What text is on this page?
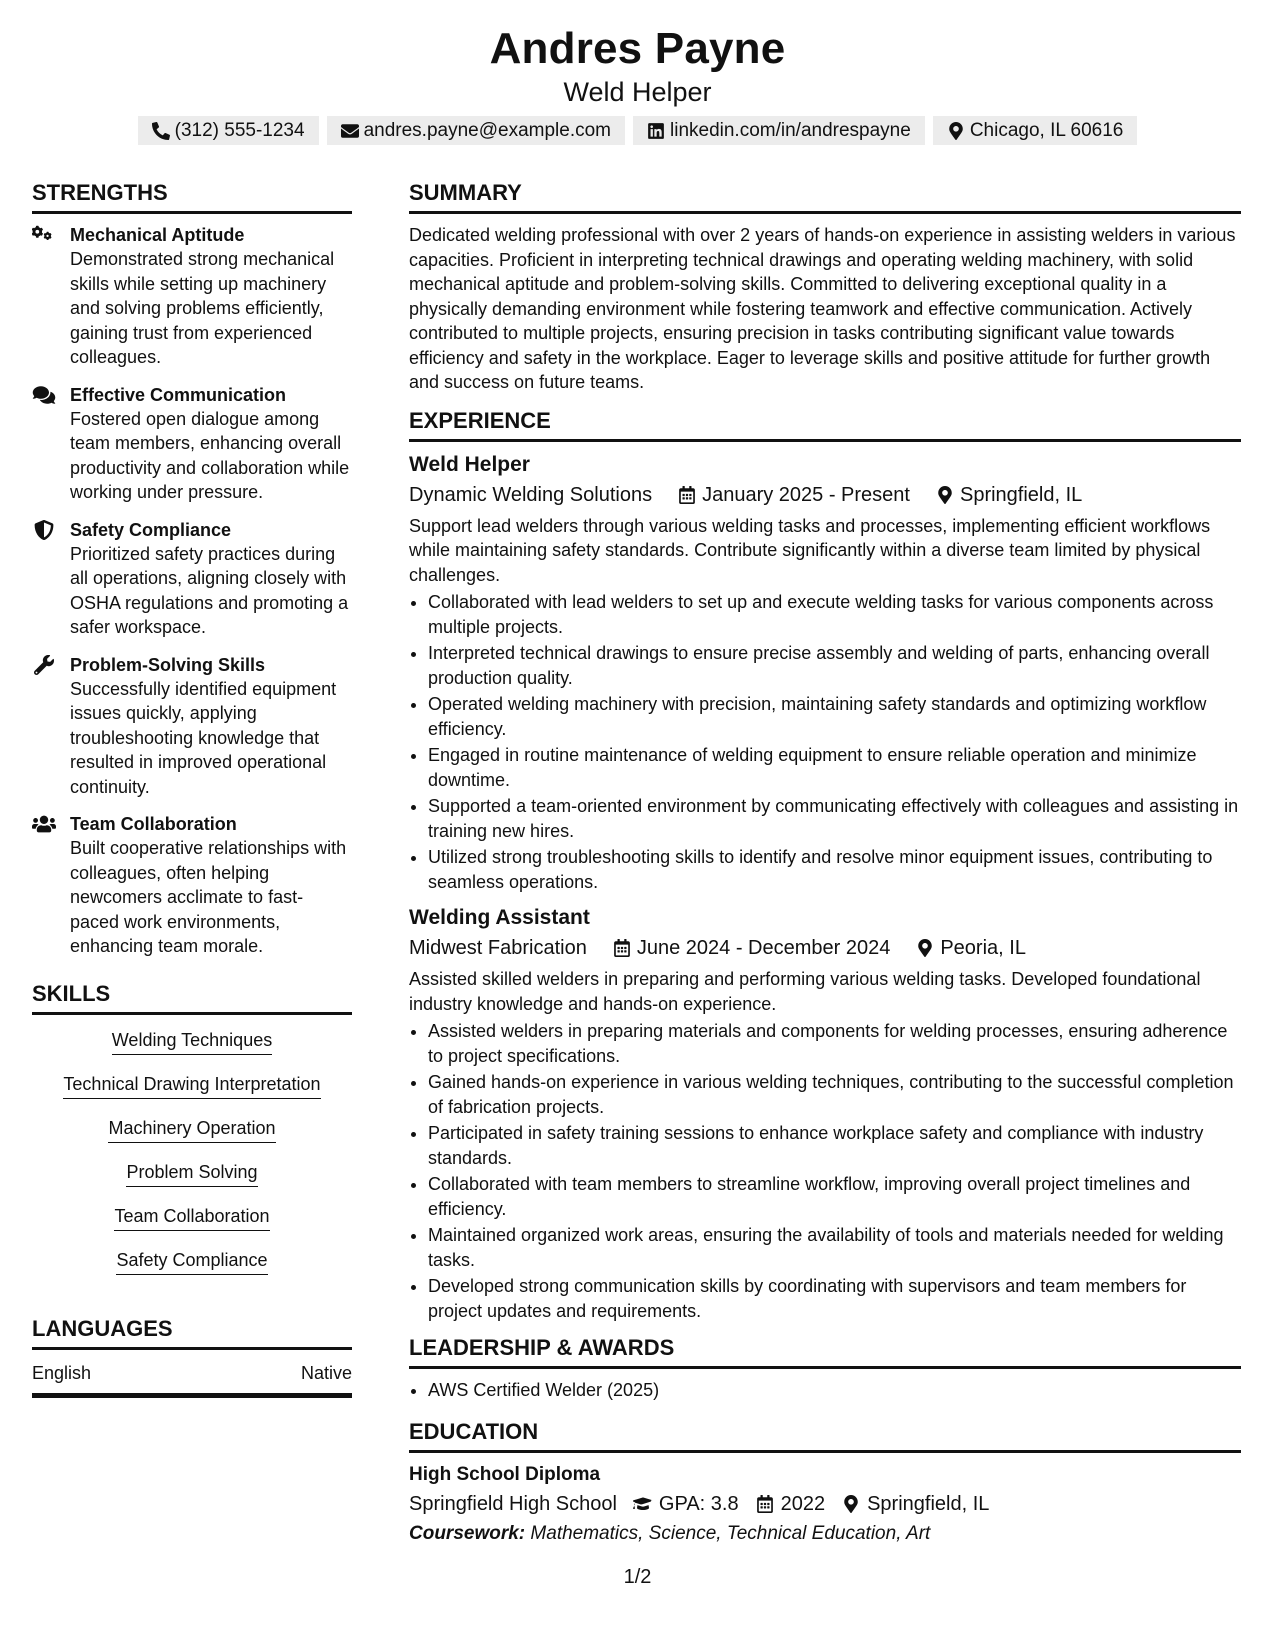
Andres Payne
Weld Helper
(312) 555-1234	andres.payne@example.com	linkedin.com/in/andrespayne	Chicago, IL 60616
STRENGTHS
Mechanical Aptitude
Demonstrated strong mechanical skills while setting up machinery and solving problems efficiently, gaining trust from experienced colleagues.
Effective Communication
Fostered open dialogue among team members, enhancing overall productivity and collaboration while working under pressure.
Safety Compliance
Prioritized safety practices during all operations, aligning closely with OSHA regulations and promoting a safer workspace.
Problem-Solving Skills
Successfully identified equipment issues quickly, applying troubleshooting knowledge that resulted in improved operational continuity.
Team Collaboration
Built cooperative relationships with colleagues, often helping newcomers acclimate to fast-paced work environments, enhancing team morale.
SKILLS
Welding Techniques
Technical Drawing Interpretation
Machinery Operation
Problem Solving
Team Collaboration
Safety Compliance
LANGUAGES
English	Native
SUMMARY
Dedicated welding professional with over 2 years of hands-on experience in assisting welders in various capacities. Proficient in interpreting technical drawings and operating welding machinery, with solid mechanical aptitude and problem-solving skills. Committed to delivering exceptional quality in a physically demanding environment while fostering teamwork and effective communication. Actively contributed to multiple projects, ensuring precision in tasks contributing significant value towards efficiency and safety in the workplace. Eager to leverage skills and positive attitude for further growth and success on future teams.
EXPERIENCE
Weld Helper
Dynamic Welding Solutions	January 2025 - Present	Springfield, IL
Support lead welders through various welding tasks and processes, implementing efficient workflows while maintaining safety standards. Contribute significantly within a diverse team limited by physical challenges.
• Collaborated with lead welders to set up and execute welding tasks for various components across multiple projects.
• Interpreted technical drawings to ensure precise assembly and welding of parts, enhancing overall production quality.
• Operated welding machinery with precision, maintaining safety standards and optimizing workflow efficiency.
• Engaged in routine maintenance of welding equipment to ensure reliable operation and minimize downtime.
• Supported a team-oriented environment by communicating effectively with colleagues and assisting in training new hires.
• Utilized strong troubleshooting skills to identify and resolve minor equipment issues, contributing to seamless operations.
Welding Assistant
Midwest Fabrication	June 2024 - December 2024	Peoria, IL
Assisted skilled welders in preparing and performing various welding tasks. Developed foundational industry knowledge and hands-on experience.
• Assisted welders in preparing materials and components for welding processes, ensuring adherence to project specifications.
• Gained hands-on experience in various welding techniques, contributing to the successful completion of fabrication projects.
• Participated in safety training sessions to enhance workplace safety and compliance with industry standards.
• Collaborated with team members to streamline workflow, improving overall project timelines and efficiency.
• Maintained organized work areas, ensuring the availability of tools and materials needed for welding tasks.
• Developed strong communication skills by coordinating with supervisors and team members for project updates and requirements.
LEADERSHIP & AWARDS
• AWS Certified Welder (2025)
EDUCATION
High School Diploma
Springfield High School GPA: 3.8 2022 Springfield, IL
Coursework: Mathematics, Science, Technical Education, Art
1/2
